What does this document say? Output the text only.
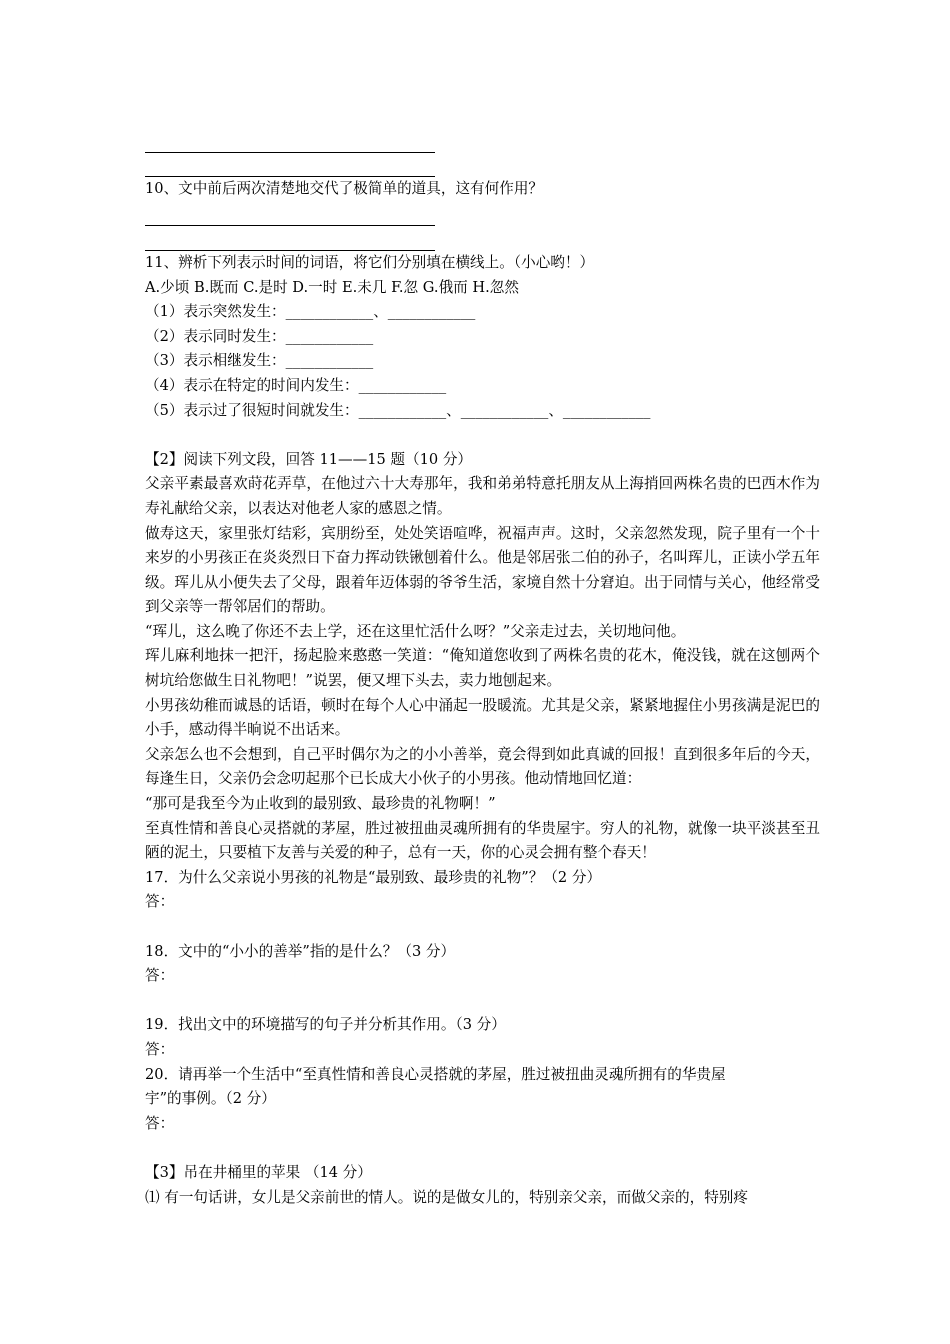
10、文中前后两次清楚地交代了极简单的道具，这有何作用？
11、辨析下列表示时间的词语，将它们分别填在横线上。（小心哟！）
A.少顷 B.既而 C.是时 D.一时 E.未几 F.忽 G.俄而 H.忽然
（1）表示突然发生：____________、____________
（2）表示同时发生：____________
（3）表示相继发生：____________
（4）表示在特定的时间内发生：____________
（5）表示过了很短时间就发生：____________、____________、____________
【2】阅读下列文段，回答 11——15 题（10 分）
父亲平素最喜欢莳花弄草，在他过六十大寿那年，我和弟弟特意托朋友从上海捎回两株名贵的巴西木作为寿礼献给父亲，以表达对他老人家的感恩之情。
做寿这天，家里张灯结彩，宾朋纷至，处处笑语喧哗，祝福声声。这时，父亲忽然发现，院子里有一个十来岁的小男孩正在炎炎烈日下奋力挥动铁锹刨着什么。他是邻居张二伯的孙子，名叫珲儿，正读小学五年级。珲儿从小便失去了父母，跟着年迈体弱的爷爷生活，家境自然十分窘迫。出于同情与关心，他经常受到父亲等一帮邻居们的帮助。
“珲儿，这么晚了你还不去上学，还在这里忙活什么呀？”父亲走过去，关切地问他。
珲儿麻利地抹一把汗，扬起脸来憨憨一笑道：“俺知道您收到了两株名贵的花木，俺没钱，就在这刨两个树坑给您做生日礼物吧！”说罢，便又埋下头去，卖力地刨起来。
小男孩幼稚而诚恳的话语，顿时在每个人心中涌起一股暖流。尤其是父亲，紧紧地握住小男孩满是泥巴的小手，感动得半晌说不出话来。
父亲怎么也不会想到，自己平时偶尔为之的小小善举，竟会得到如此真诚的回报！直到很多年后的今天，每逢生日，父亲仍会念叨起那个已长成大小伙子的小男孩。他动情地回忆道：
“那可是我至今为止收到的最别致、最珍贵的礼物啊！”
至真性情和善良心灵搭就的茅屋，胜过被扭曲灵魂所拥有的华贵屋宇。穷人的礼物，就像一块平淡甚至丑陋的泥土，只要植下友善与关爱的种子，总有一天，你的心灵会拥有整个春天！
17．为什么父亲说小男孩的礼物是“最别致、最珍贵的礼物”？（2 分）
答：
18．文中的“小小的善举”指的是什么？（3 分）
答：
19．找出文中的环境描写的句子并分析其作用。（3 分）
答：
20．请再举一个生活中“至真性情和善良心灵搭就的茅屋，胜过被扭曲灵魂所拥有的华贵屋
宇”的事例。（2 分）
答：
【3】吊在井桶里的苹果 （14 分）
⑴ 有一句话讲，女儿是父亲前世的情人。说的是做女儿的，特别亲父亲，而做父亲的，特别疼
